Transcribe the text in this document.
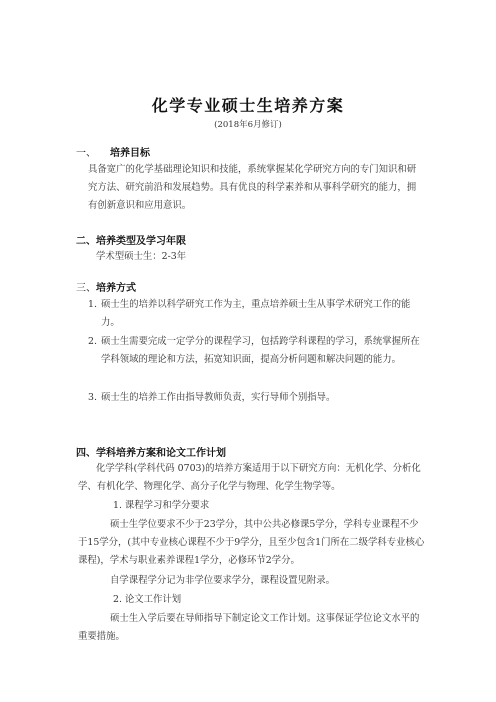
化学专业硕士生培养方案
(2018年6月修订)
一、 培养目标
具备宽广的化学基础理论知识和技能，系统掌握某化学研究方向的专门知识和研究方法、研究前沿和发展趋势。具有优良的科学素养和从事科学研究的能力，拥有创新意识和应用意识。
二、培养类型及学习年限
学术型硕士生：2-3年
三、培养方式
1. 硕士生的培养以科学研究工作为主，重点培养硕士生从事学术研究工作的能力。
2. 硕士生需要完成一定学分的课程学习，包括跨学科课程的学习，系统掌握所在学科领域的理论和方法，拓宽知识面，提高分析问题和解决问题的能力。
3. 硕士生的培养工作由指导教师负责，实行导师个别指导。
四、学科培养方案和论文工作计划
化学学科(学科代码 0703)的培养方案适用于以下研究方向：无机化学、分析化学、有机化学、物理化学、高分子化学与物理、化学生物学等。
1. 课程学习和学分要求
硕士生学位要求不少于23学分，其中公共必修课5学分，学科专业课程不少于15学分，(其中专业核心课程不少于9学分，且至少包含1门所在二级学科专业核心课程)，学术与职业素养课程1学分，必修环节2学分。
自学课程学分记为非学位要求学分，课程设置见附录。
2. 论文工作计划
硕士生入学后要在导师指导下制定论文工作计划。这事保证学位论文水平的重要措施。
